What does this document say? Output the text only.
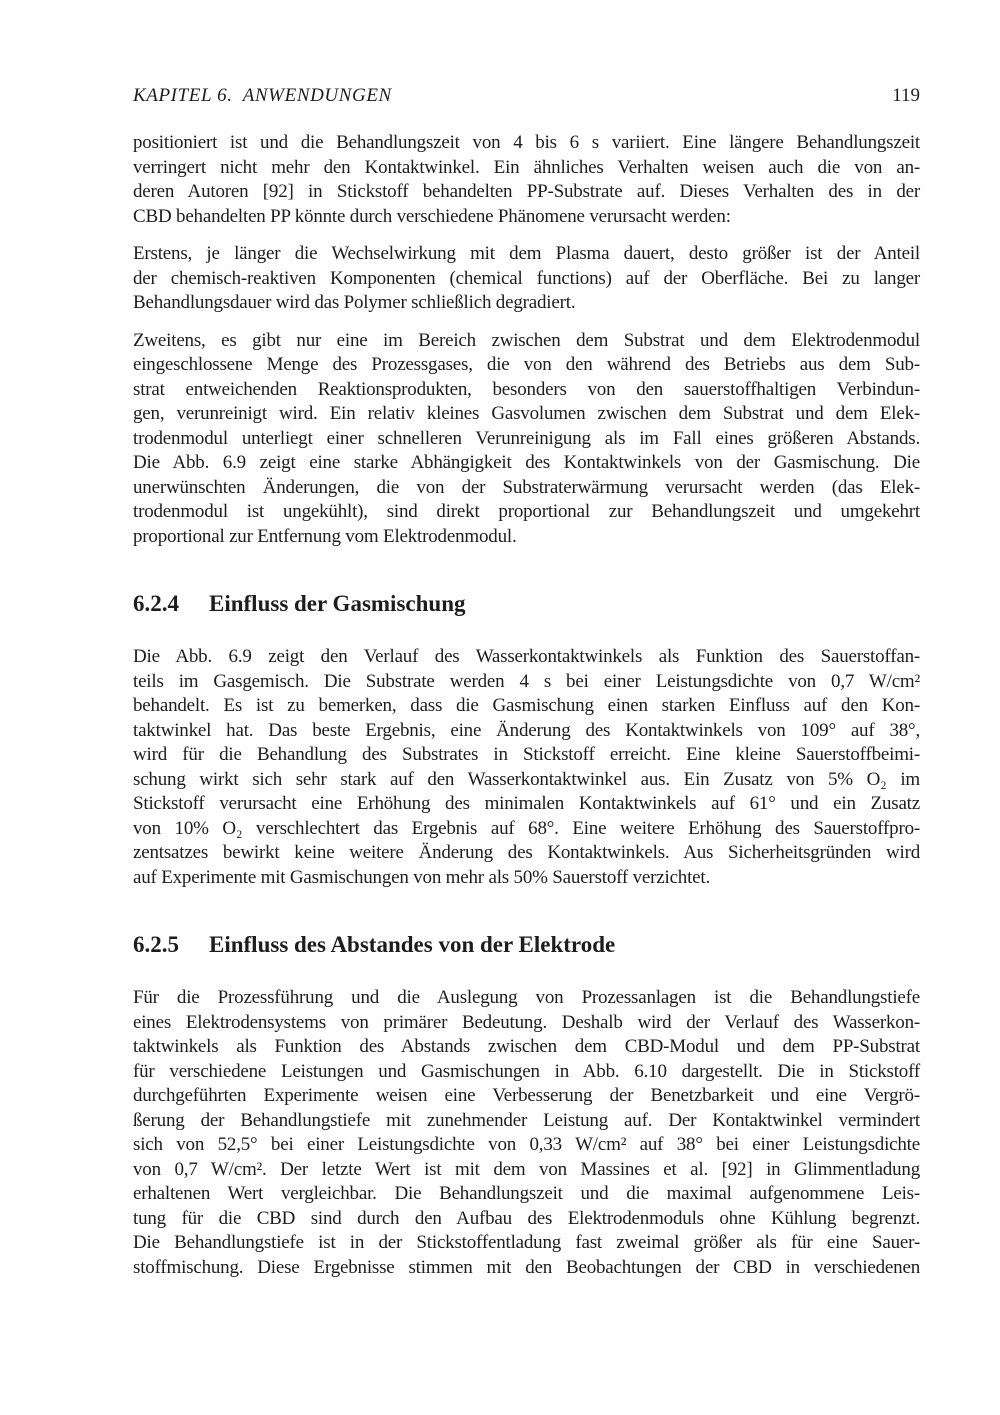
KAPITEL 6. ANWENDUNGEN	119
positioniert ist und die Behandlungszeit von 4 bis 6 s variiert. Eine längere Behandlungszeit
verringert nicht mehr den Kontaktwinkel. Ein ähnliches Verhalten weisen auch die von an-
deren Autoren [92] in Stickstoff behandelten PP-Substrate auf. Dieses Verhalten des in der
CBD behandelten PP könnte durch verschiedene Phänomene verursacht werden:
Erstens, je länger die Wechselwirkung mit dem Plasma dauert, desto größer ist der Anteil
der chemisch-reaktiven Komponenten (chemical functions) auf der Oberfläche. Bei zu langer
Behandlungsdauer wird das Polymer schließlich degradiert.
Zweitens, es gibt nur eine im Bereich zwischen dem Substrat und dem Elektrodenmodul
eingeschlossene Menge des Prozessgases, die von den während des Betriebs aus dem Sub-
strat entweichenden Reaktionsprodukten, besonders von den sauerstoffhaltigen Verbindun-
gen, verunreinigt wird. Ein relativ kleines Gasvolumen zwischen dem Substrat und dem Elek-
trodenmodul unterliegt einer schnelleren Verunreinigung als im Fall eines größeren Abstands.
Die Abb. 6.9 zeigt eine starke Abhängigkeit des Kontaktwinkels von der Gasmischung. Die
unerwünschten Änderungen, die von der Substraterwärmung verursacht werden (das Elek-
trodenmodul ist ungekühlt), sind direkt proportional zur Behandlungszeit und umgekehrt
proportional zur Entfernung vom Elektrodenmodul.
6.2.4 Einfluss der Gasmischung
Die Abb. 6.9 zeigt den Verlauf des Wasserkontaktwinkels als Funktion des Sauerstoffan-
teils im Gasgemisch. Die Substrate werden 4 s bei einer Leistungsdichte von 0,7 W/cm²
behandelt. Es ist zu bemerken, dass die Gasmischung einen starken Einfluss auf den Kon-
taktwinkel hat. Das beste Ergebnis, eine Änderung des Kontaktwinkels von 109° auf 38°,
wird für die Behandlung des Substrates in Stickstoff erreicht. Eine kleine Sauerstoffbeimi-
schung wirkt sich sehr stark auf den Wasserkontaktwinkel aus. Ein Zusatz von 5% O₂ im
Stickstoff verursacht eine Erhöhung des minimalen Kontaktwinkels auf 61° und ein Zusatz
von 10% O₂ verschlechtert das Ergebnis auf 68°. Eine weitere Erhöhung des Sauerstoffpro-
zentsatzes bewirkt keine weitere Änderung des Kontaktwinkels. Aus Sicherheitsgründen wird
auf Experimente mit Gasmischungen von mehr als 50% Sauerstoff verzichtet.
6.2.5 Einfluss des Abstandes von der Elektrode
Für die Prozessführung und die Auslegung von Prozessanlagen ist die Behandlungstiefe
eines Elektrodensystems von primärer Bedeutung. Deshalb wird der Verlauf des Wasserkon-
taktwinkels als Funktion des Abstands zwischen dem CBD-Modul und dem PP-Substrat
für verschiedene Leistungen und Gasmischungen in Abb. 6.10 dargestellt. Die in Stickstoff
durchgeführten Experimente weisen eine Verbesserung der Benetzbarkeit und eine Vergrö-
ßerung der Behandlungstiefe mit zunehmender Leistung auf. Der Kontaktwinkel vermindert
sich von 52,5° bei einer Leistungsdichte von 0,33 W/cm² auf 38° bei einer Leistungsdichte
von 0,7 W/cm². Der letzte Wert ist mit dem von Massines et al. [92] in Glimmentladung
erhaltenen Wert vergleichbar. Die Behandlungszeit und die maximal aufgenommene Leis-
tung für die CBD sind durch den Aufbau des Elektrodenmoduls ohne Kühlung begrenzt.
Die Behandlungstiefe ist in der Stickstoffentladung fast zweimal größer als für eine Sauer-
stoffmischung. Diese Ergebnisse stimmen mit den Beobachtungen der CBD in verschiedenen
